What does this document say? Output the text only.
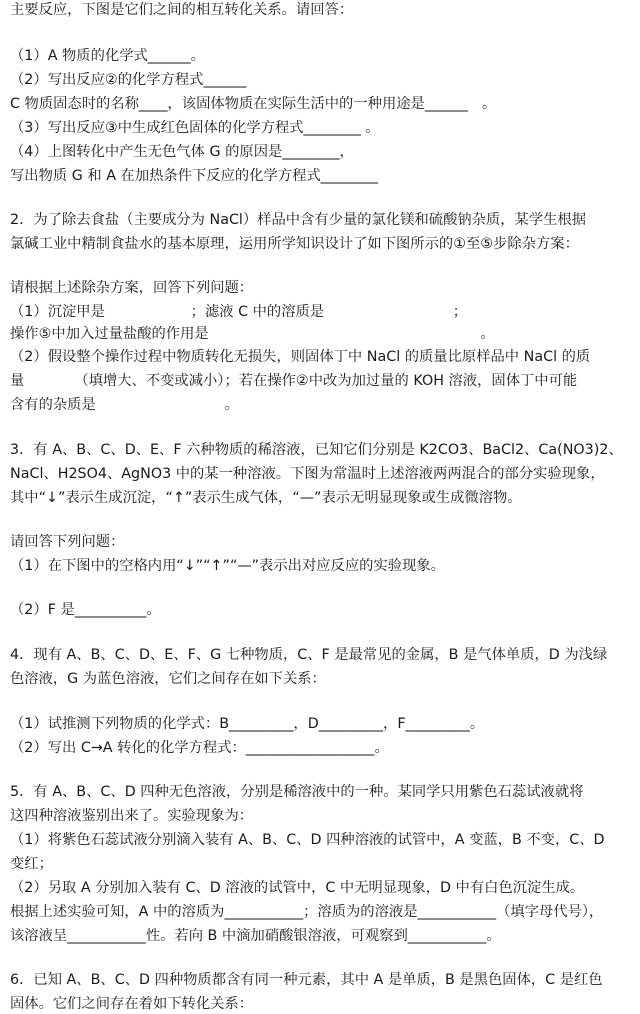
主要反应，下图是它们之间的相互转化关系。请回答：
（1）A 物质的化学式______。
（2）写出反应②的化学方程式______
C 物质固态时的名称____，该固体物质在实际生活中的一种用途是______　。
（3）写出反应③中生成红色固体的化学方程式________ 。
（4）上图转化中产生无色气体 G 的原因是________，
写出物质 G 和 A 在加热条件下反应的化学方程式________
2．为了除去食盐（主要成分为 NaCl）样品中含有少量的氯化镁和硫酸钠杂质，某学生根据
氯碱工业中精制食盐水的基本原理，运用所学知识设计了如下图所示的①至⑤步除杂方案：
请根据上述除杂方案，回答下列问题：
（1）沉淀甲是　　　　　　；滤液 C 中的溶质是　　　　　　　　　；
操作⑤中加入过量盐酸的作用是　　　　　　　　　　　　　　　　　　　。
（2）假设整个操作过程中物质转化无损失，则固体丁中 NaCl 的质量比原样品中 NaCl 的质
量　　　　（填增大、不变或减小）；若在操作②中改为加过量的 KOH 溶液，固体丁中可能
含有的杂质是　　　　　　　　　。
3．有 A、B、C、D、E、F 六种物质的稀溶液，已知它们分别是 K2CO3、BaCl2、Ca(NO3)2、
NaCl、H2SO4、AgNO3 中的某一种溶液。下图为常温时上述溶液两两混合的部分实验现象，
其中“↓”表示生成沉淀，“↑”表示生成气体，“—”表示无明显现象或生成微溶物。
请回答下列问题：
（1）在下图中的空格内用“↓”“↑”“—”表示出对应反应的实验现象。
（2）F 是__________。
4．现有 A、B、C、D、E、F、G 七种物质，C、F 是最常见的金属，B 是气体单质，D 为浅绿
色溶液，G 为蓝色溶液，它们之间存在如下关系：
（1）试推测下列物质的化学式：B_________，D_________，F_________。
（2）写出 C→A 转化的化学方程式：__________________。
5．有 A、B、C、D 四种无色溶液，分别是稀溶液中的一种。某同学只用紫色石蕊试液就将
这四种溶液鉴别出来了。实验现象为：
（1）将紫色石蕊试液分别滴入装有 A、B、C、D 四种溶液的试管中，A 变蓝，B 不变，C、D
变红；
（2）另取 A 分别加入装有 C、D 溶液的试管中，C 中无明显现象，D 中有白色沉淀生成。
根据上述实验可知，A 中的溶质为___________；溶质为的溶液是___________（填字母代号），
该溶液呈___________性。若向 B 中滴加硝酸银溶液，可观察到___________。
6．已知 A、B、C、D 四种物质都含有同一种元素，其中 A 是单质，B 是黑色固体，C 是红色
固体。它们之间存在着如下转化关系：
